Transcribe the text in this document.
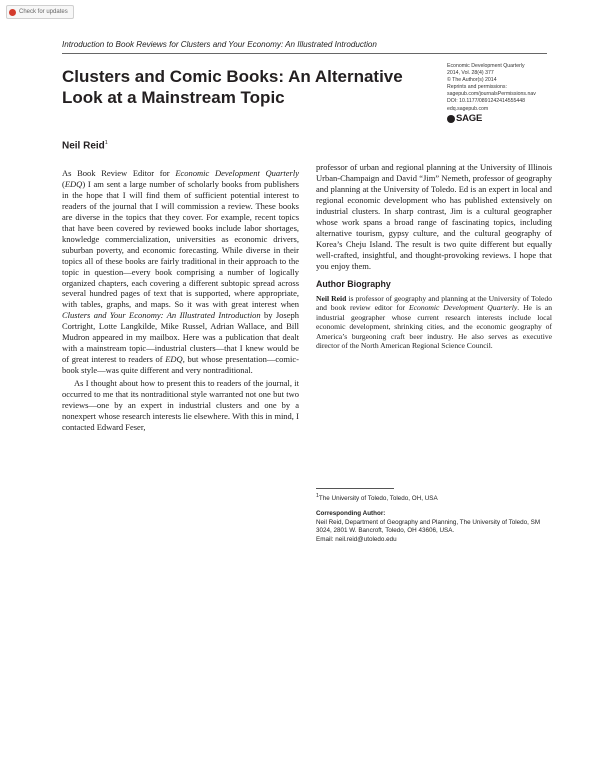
Check for updates
Introduction to Book Reviews for Clusters and Your Economy: An Illustrated Introduction
Clusters and Comic Books: An Alternative Look at a Mainstream Topic
Economic Development Quarterly
2014, Vol. 28(4) 377
© The Author(s) 2014
Reprints and permissions:
sagepub.com/journalsPermissions.nav
DOI: 10.1177/0891242414555448
edq.sagepub.com
SAGE
Neil Reid$^1$

As Book Review Editor for Economic Development Quarterly (EDQ) I am sent a large number of scholarly books from publishers in the hope that I will find them of sufficient potential interest to readers of the journal that I will commission a review. These books are diverse in the topics that they cover. For example, recent topics that have been covered by reviewed books include labor shortages, knowledge commercialization, universities as economic drivers, suburban poverty, and economic forecasting. While diverse in their topics all of these books are fairly traditional in their approach to the topic in question—every book comprising a number of logically organized chapters, each covering a different subtopic spread across several hundred pages of text that is supported, where appropriate, with tables, graphs, and maps. So it was with great interest when Clusters and Your Economy: An Illustrated Introduction by Joseph Cortright, Lotte Langkilde, Mike Russel, Adrian Wallace, and Bill Mudron appeared in my mailbox. Here was a publication that dealt with a mainstream topic—industrial clusters—that I knew would be of great interest to readers of EDQ, but whose presentation—comic-book style—was quite different and very nontraditional.

As I thought about how to present this to readers of the journal, it occurred to me that its nontraditional style warranted not one but two reviews—one by an expert in industrial clusters and one by a nonexpert whose research interests lie elsewhere. With this in mind, I contacted Edward Feser,

professor of urban and regional planning at the University of Illinois Urban-Champaign and David “Jim” Nemeth, professor of geography and planning at the University of Toledo. Ed is an expert in local and regional economic development who has published extensively on industrial clusters. In sharp contrast, Jim is a cultural geographer whose work spans a broad range of fascinating topics, including alternative tourism, gypsy culture, and the cultural geography of Korea’s Cheju Island. The result is two quite different but equally well-crafted, insightful, and thought-provoking reviews. I hope that you enjoy them.

Author Biography

Neil Reid is professor of geography and planning at the University of Toledo and book review editor for Economic Development Quarterly. He is an industrial geographer whose current research interests include local economic development, shrinking cities, and the economic geography of America’s burgeoning craft beer industry. He also serves as executive director of the North American Regional Science Council.

$^1$The University of Toledo, Toledo, OH, USA
Corresponding Author:
Neil Reid, Department of Geography and Planning, The University of Toledo, SM 3024, 2801 W. Bancroft, Toledo, OH 43606, USA.
Email: neil.reid@utoledo.edu
